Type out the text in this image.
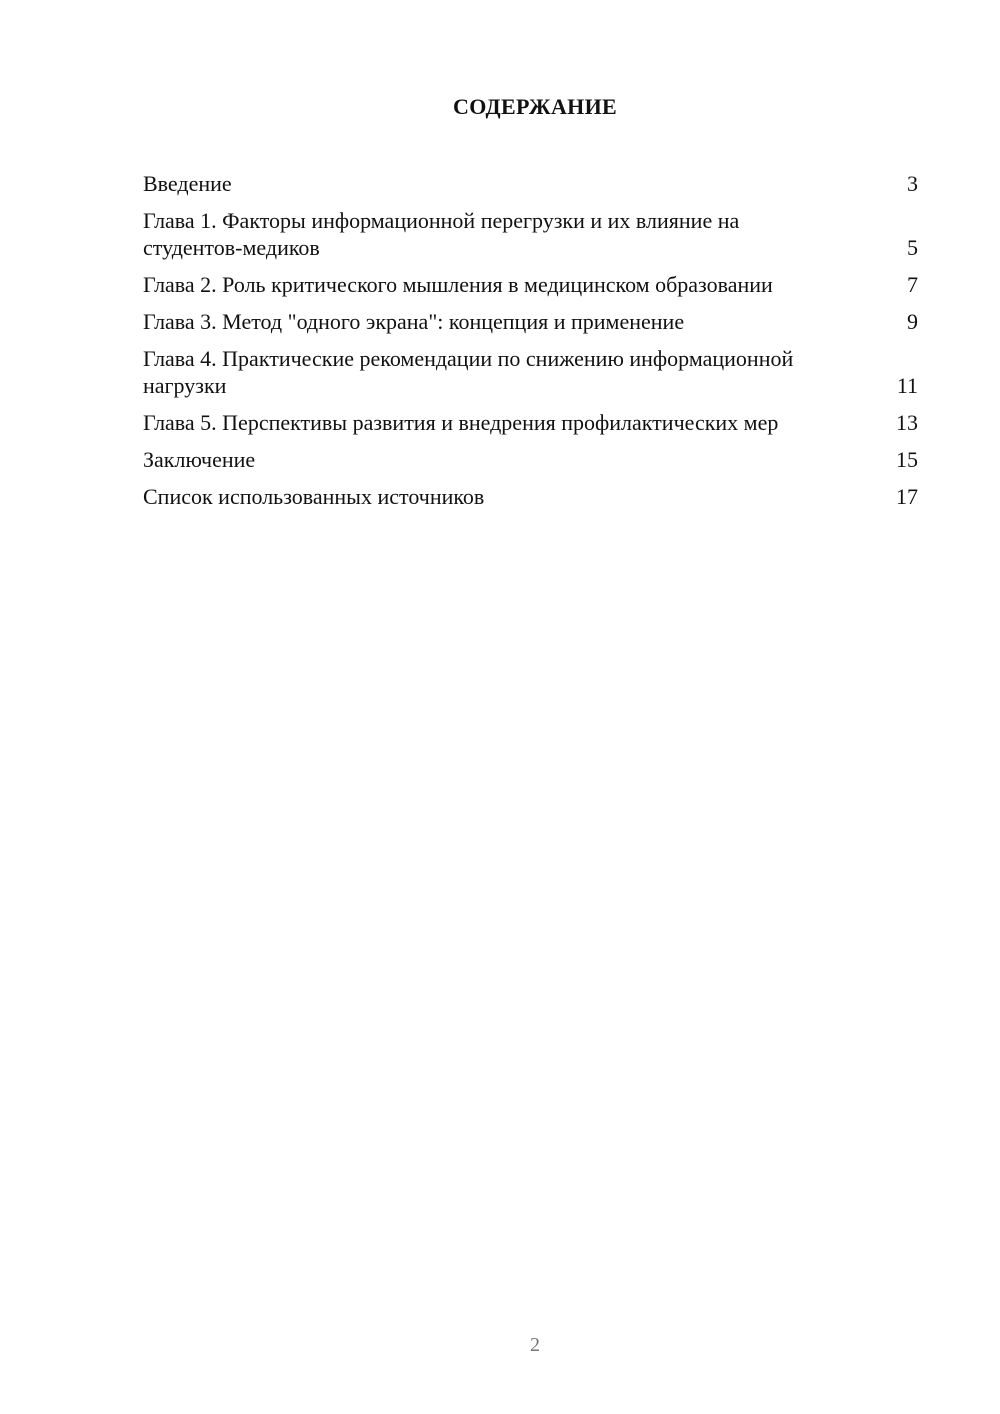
СОДЕРЖАНИЕ
Введение	3
Глава 1. Факторы информационной перегрузки и их влияние на студентов-медиков	5
Глава 2. Роль критического мышления в медицинском образовании	7
Глава 3. Метод "одного экрана": концепция и применение	9
Глава 4. Практические рекомендации по снижению информационной нагрузки	11
Глава 5. Перспективы развития и внедрения профилактических мер	13
Заключение	15
Список использованных источников	17
2
